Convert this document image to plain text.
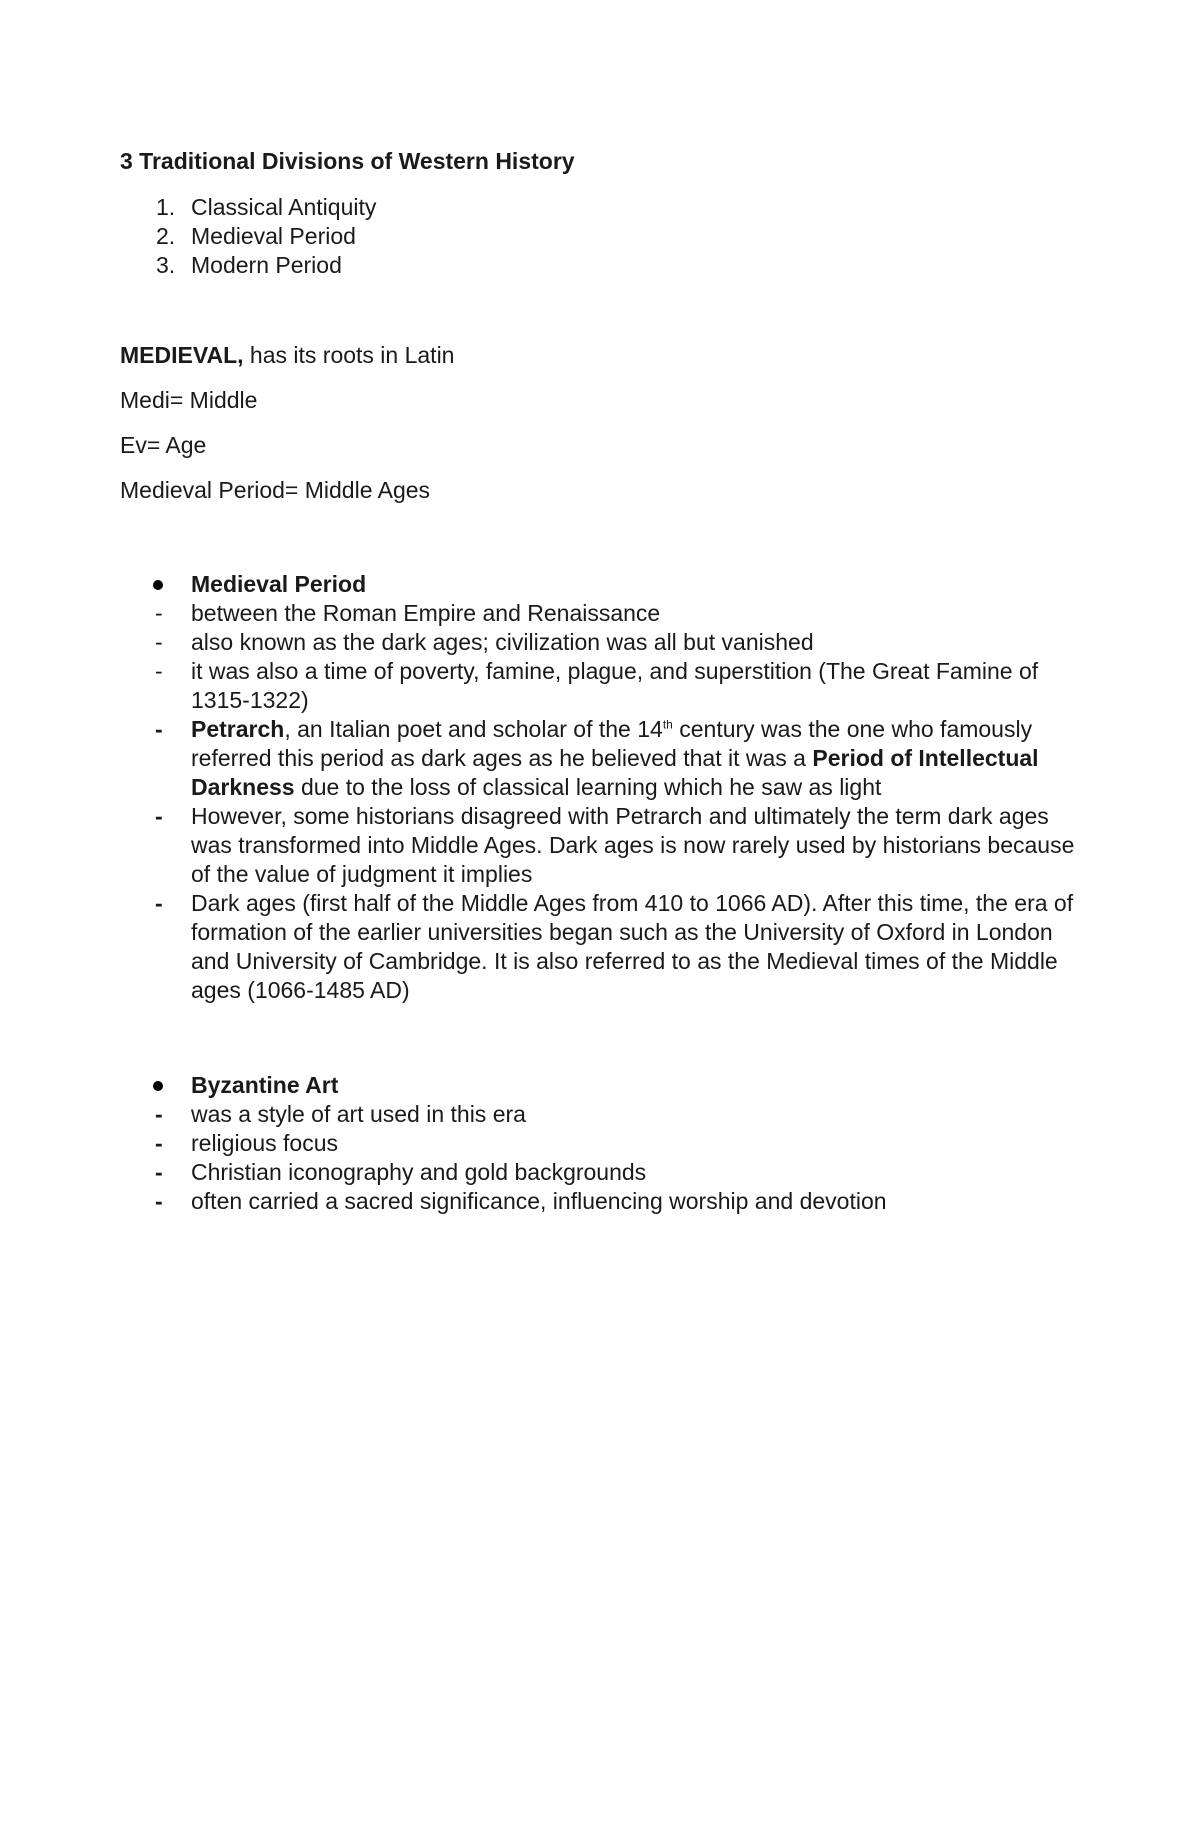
3 Traditional Divisions of Western History

1. Classical Antiquity
2. Medieval Period
3. Modern Period

MEDIEVAL, has its roots in Latin

Medi= Middle

Ev= Age

Medieval Period= Middle Ages

Medieval Period
- between the Roman Empire and Renaissance
- also known as the dark ages; civilization was all but vanished
- it was also a time of poverty, famine, plague, and superstition (The Great Famine of 1315-1322)
- Petrarch, an Italian poet and scholar of the 14th century was the one who famously referred this period as dark ages as he believed that it was a Period of Intellectual Darkness due to the loss of classical learning which he saw as light
- However, some historians disagreed with Petrarch and ultimately the term dark ages was transformed into Middle Ages. Dark ages is now rarely used by historians because of the value of judgment it implies
- Dark ages (first half of the Middle Ages from 410 to 1066 AD). After this time, the era of formation of the earlier universities began such as the University of Oxford in London and University of Cambridge. It is also referred to as the Medieval times of the Middle ages (1066-1485 AD)
Byzantine Art
- was a style of art used in this era
- religious focus
- Christian iconography and gold backgrounds
- often carried a sacred significance, influencing worship and devotion
